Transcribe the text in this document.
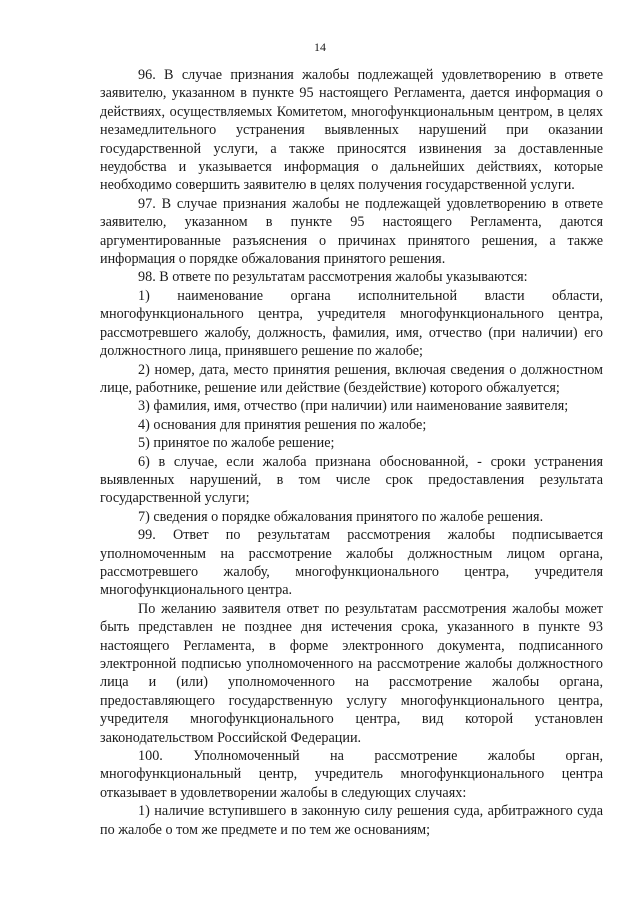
14

96. В случае признания жалобы подлежащей удовлетворению в ответе заявителю, указанном в пункте 95 настоящего Регламента, дается информация о действиях, осуществляемых Комитетом, многофункциональным центром, в целях незамедлительного устранения выявленных нарушений при оказании государственной услуги, а также приносятся извинения за доставленные неудобства и указывается информация о дальнейших действиях, которые необходимо совершить заявителю в целях получения государственной услуги.

97. В случае признания жалобы не подлежащей удовлетворению в ответе заявителю, указанном в пункте 95 настоящего Регламента, даются аргументированные разъяснения о причинах принятого решения, а также информация о порядке обжалования принятого решения.

98. В ответе по результатам рассмотрения жалобы указываются:

1) наименование органа исполнительной власти области, многофункционального центра, учредителя многофункционального центра, рассмотревшего жалобу, должность, фамилия, имя, отчество (при наличии) его должностного лица, принявшего решение по жалобе;

2) номер, дата, место принятия решения, включая сведения о должностном лице, работнике, решение или действие (бездействие) которого обжалуется;

3) фамилия, имя, отчество (при наличии) или наименование заявителя;

4) основания для принятия решения по жалобе;

5) принятое по жалобе решение;

6) в случае, если жалоба признана обоснованной, - сроки устранения выявленных нарушений, в том числе срок предоставления результата государственной услуги;

7) сведения о порядке обжалования принятого по жалобе решения.

99. Ответ по результатам рассмотрения жалобы подписывается уполномоченным на рассмотрение жалобы должностным лицом органа, рассмотревшего жалобу, многофункционального центра, учредителя многофункционального центра.

По желанию заявителя ответ по результатам рассмотрения жалобы может быть представлен не позднее дня истечения срока, указанного в пункте 93 настоящего Регламента, в форме электронного документа, подписанного электронной подписью уполномоченного на рассмотрение жалобы должностного лица и (или) уполномоченного на рассмотрение жалобы органа, предоставляющего государственную услугу многофункционального центра, учредителя многофункционального центра, вид которой установлен законодательством Российской Федерации.

100. Уполномоченный на рассмотрение жалобы орган, многофункциональный центр, учредитель многофункционального центра отказывает в удовлетворении жалобы в следующих случаях:

1) наличие вступившего в законную силу решения суда, арбитражного суда по жалобе о том же предмете и по тем же основаниям;
